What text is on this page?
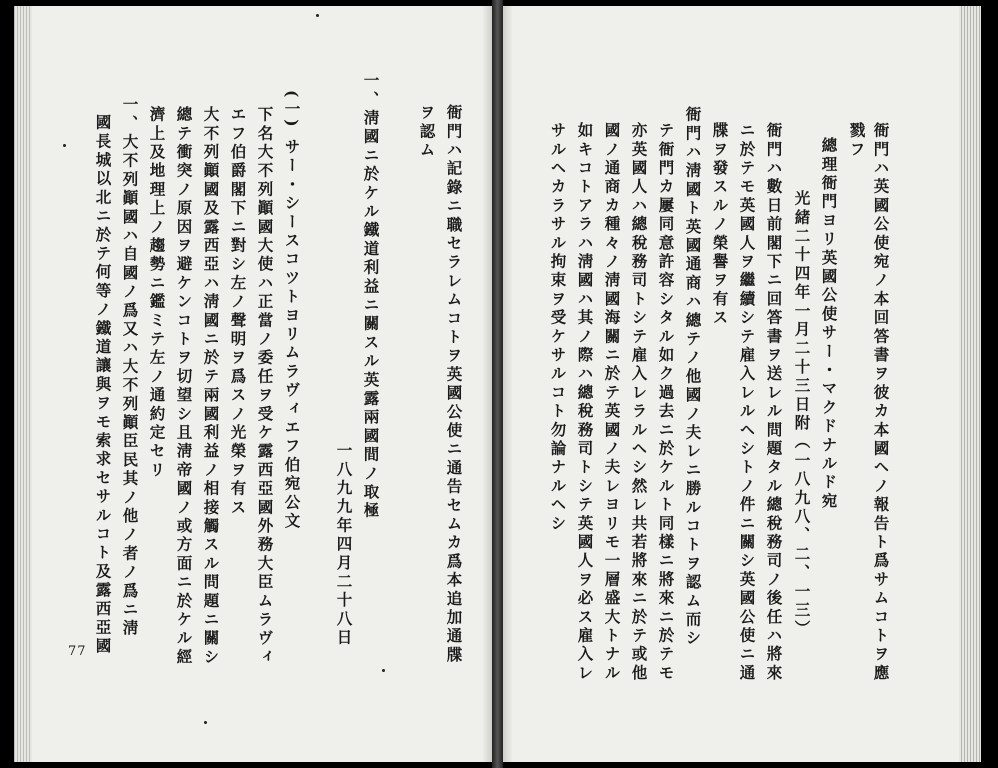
衙門ハ英國公使宛ノ本回答書ヲ彼カ本國ヘノ報告ト爲サムコトヲ應
戮フ
總理衙門ヨリ英國公使サー・マクドナルド宛
光緒二十四年一月二十三日附（一八九八、二、一三）
衙門ハ數日前閣下ニ回答書ヲ送レル問題タル總稅務司ノ後任ハ將來
ニ於テモ英國人ヲ繼續シテ雇入レルヘシトノ件ニ關シ英國公使ニ通
牒ヲ發スルノ榮譽ヲ有ス
衙門ハ淸國ト英國通商ハ總テノ他國ノ夫レニ勝ルコトヲ認ム而シ
テ衙門カ屢同意許容シタル如ク過去ニ於ケルト同樣ニ將來ニ於テモ
亦英國人ハ總稅務司トシテ雇入レラルヘシ然レ共若將來ニ於テ或他
國ノ通商カ種々ノ淸國海關ニ於テ英國ノ夫レヨリモ一層盛大トナル
如キコトアラハ淸國ハ其ノ際ハ總稅務司トシテ英國人ヲ必ス雇入レ
サルヘカラサル拘束ヲ受ケサルコト勿論ナルヘシ
衙門ハ記錄ニ職セラレムコトヲ英國公使ニ通告セムカ爲本追加通牒
ヲ認ム
一、淸國ニ於ケル鐵道利益ニ關スル英露兩國間ノ取極
一八九九年四月二十八日
(一) サー・シースコツトヨリムラヴィエフ伯宛公文
下名大不列顚國大使ハ正當ノ委任ヲ受ケ露西亞國外務大臣ムラヴィ
エフ伯爵閣下ニ對シ左ノ聲明ヲ爲スノ光榮ヲ有ス
大不列顚國及露西亞ハ淸國ニ於テ兩國利益ノ相接觸スル問題ニ關シ
總テ衝突ノ原因ヲ避ケンコトヲ切望シ且淸帝國ノ或方面ニ於ケル經
濟上及地理上ノ趨勢ニ鑑ミテ左ノ通約定セリ
一、大不列顚國ハ自國ノ爲又ハ大不列顚臣民其ノ他ノ者ノ爲ニ淸
國長城以北ニ於テ何等ノ鐵道讓與ヲモ索求セサルコト及露西亞國
77
